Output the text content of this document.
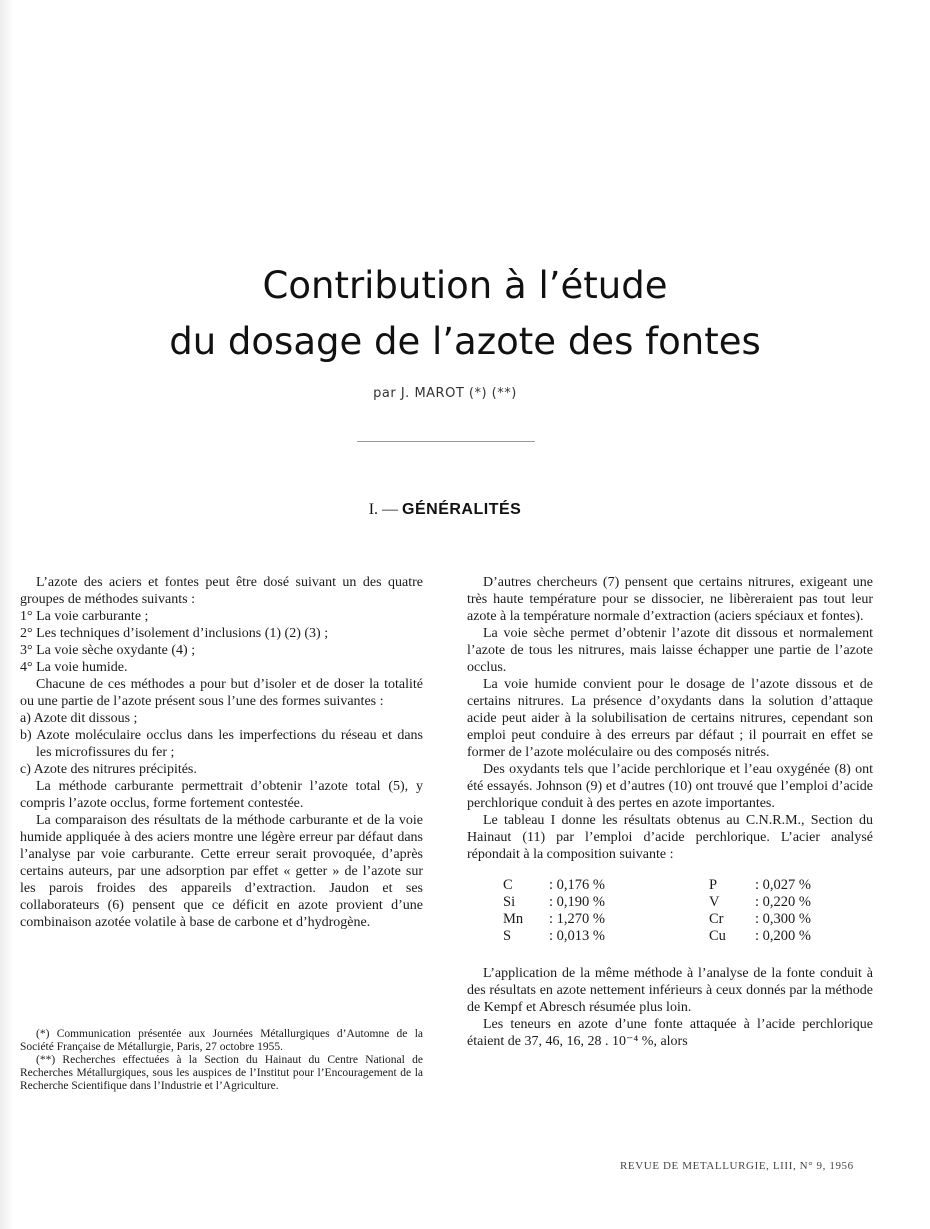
Contribution à l’étude
du dosage de l’azote des fontes
par J. MAROT (*) (**)
I. — GÉNÉRALITÉS

L’azote des aciers et fontes peut être dosé suivant un des quatre groupes de méthodes suivants :

1° La voie carburante ;

2° Les techniques d’isolement d’inclusions (1) (2) (3) ;

3° La voie sèche oxydante (4) ;

4° La voie humide.

Chacune de ces méthodes a pour but d’isoler et de doser la totalité ou une partie de l’azote présent sous l’une des formes suivantes :

a) Azote dit dissous ;

b) Azote moléculaire occlus dans les imperfections du réseau et dans les microfissures du fer ;

c) Azote des nitrures précipités.

La méthode carburante permettrait d’obtenir l’azote total (5), y compris l’azote occlus, forme fortement contestée.

La comparaison des résultats de la méthode carburante et de la voie humide appliquée à des aciers montre une légère erreur par défaut dans l’analyse par voie carburante. Cette erreur serait provoquée, d’après certains auteurs, par une adsorption par effet « getter » de l’azote sur les parois froides des appareils d’extraction. Jaudon et ses collaborateurs (6) pensent que ce déficit en azote provient d’une combinaison azotée volatile à base de carbone et d’hydrogène.

D’autres chercheurs (7) pensent que certains nitrures, exigeant une très haute température pour se dissocier, ne libèreraient pas tout leur azote à la température normale d’extraction (aciers spéciaux et fontes).

La voie sèche permet d’obtenir l’azote dit dissous et normalement l’azote de tous les nitrures, mais laisse échapper une partie de l’azote occlus.

La voie humide convient pour le dosage de l’azote dissous et de certains nitrures. La présence d’oxydants dans la solution d’attaque acide peut aider à la solubilisation de certains nitrures, cependant son emploi peut conduire à des erreurs par défaut ; il pourrait en effet se former de l’azote moléculaire ou des composés nitrés.

Des oxydants tels que l’acide perchlorique et l’eau oxygénée (8) ont été essayés. Johnson (9) et d’autres (10) ont trouvé que l’emploi d’acide perchlorique conduit à des pertes en azote importantes.

Le tableau I donne les résultats obtenus au C.N.R.M., Section du Hainaut (11) par l’emploi d’acide perchlorique. L’acier analysé répondait à la composition suivante :

C	: 0,176 %		P	: 0,027 %
Si	: 0,190 %		V	: 0,220 %
Mn	: 1,270 %		Cr	: 0,300 %
S	: 0,013 %		Cu	: 0,200 %

L’application de la même méthode à l’analyse de la fonte conduit à des résultats en azote nettement inférieurs à ceux donnés par la méthode de Kempf et Abresch résumée plus loin.

Les teneurs en azote d’une fonte attaquée à l’acide perchlorique étaient de 37, 46, 16, 28 . 10⁻⁴ %, alors

(*) Communication présentée aux Journées Métallurgiques d’Automne de la Société Française de Métallurgie, Paris, 27 octobre 1955.

(**) Recherches effectuées à la Section du Hainaut du Centre National de Recherches Métallurgiques, sous les auspices de l’Institut pour l’Encouragement de la Recherche Scientifique dans l’Industrie et l’Agriculture.

REVUE DE METALLURGIE, LIII, N° 9, 1956
